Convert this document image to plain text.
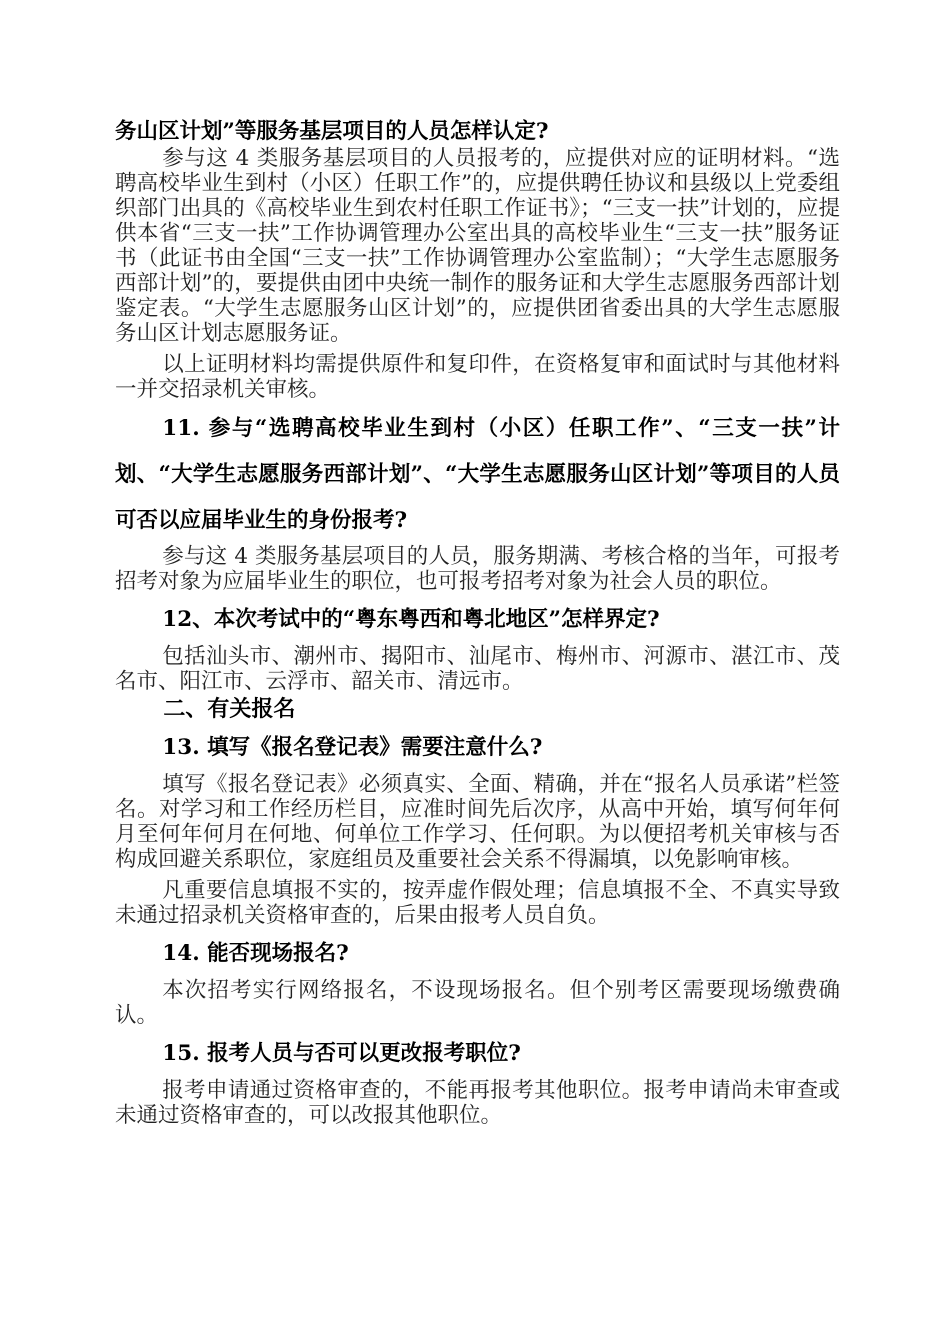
务山区计划”等服务基层项目的人员怎样认定?

参与这 4 类服务基层项目的人员报考的，应提供对应的证明材料。“选聘高校毕业生到村（小区）任职工作”的，应提供聘任协议和县级以上党委组织部门出具的《高校毕业生到农村任职工作证书》；“三支一扶”计划的，应提供本省“三支一扶”工作协调管理办公室出具的高校毕业生“三支一扶”服务证书（此证书由全国“三支一扶”工作协调管理办公室监制）；“大学生志愿服务西部计划”的，要提供由团中央统一制作的服务证和大学生志愿服务西部计划鉴定表。“大学生志愿服务山区计划”的，应提供团省委出具的大学生志愿服务山区计划志愿服务证。

以上证明材料均需提供原件和复印件，在资格复审和面试时与其他材料一并交招录机关审核。

11. 参与“选聘高校毕业生到村（小区）任职工作”、“三支一扶”计划、“大学生志愿服务西部计划”、“大学生志愿服务山区计划”等项目的人员可否以应届毕业生的身份报考?

参与这 4 类服务基层项目的人员，服务期满、考核合格的当年，可报考招考对象为应届毕业生的职位，也可报考招考对象为社会人员的职位。

12、本次考试中的“粤东粤西和粤北地区”怎样界定?

包括汕头市、潮州市、揭阳市、汕尾市、梅州市、河源市、湛江市、茂名市、阳江市、云浮市、韶关市、清远市。

二、有关报名

13. 填写《报名登记表》需要注意什么?

填写《报名登记表》必须真实、全面、精确，并在“报名人员承诺”栏签名。对学习和工作经历栏目，应准时间先后次序，从高中开始，填写何年何月至何年何月在何地、何单位工作学习、任何职。为以便招考机关审核与否构成回避关系职位，家庭组员及重要社会关系不得漏填，以免影响审核。

凡重要信息填报不实的，按弄虚作假处理；信息填报不全、不真实导致未通过招录机关资格审查的，后果由报考人员自负。

14. 能否现场报名?

本次招考实行网络报名，不设现场报名。但个别考区需要现场缴费确认。

15. 报考人员与否可以更改报考职位?

报考申请通过资格审查的，不能再报考其他职位。报考申请尚未审查或未通过资格审查的，可以改报其他职位。
